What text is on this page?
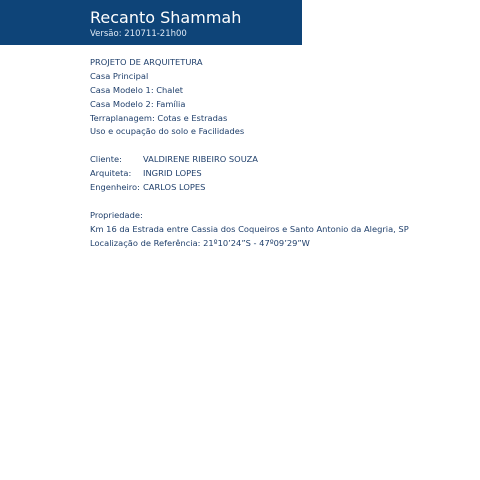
Recanto Shammah
Versão: 210711-21h00
PROJETO DE ARQUITETURA
Casa Principal
Casa Modelo 1: Chalet
Casa Modelo 2: Família
Terraplanagem: Cotas e Estradas
Uso e ocupação do solo e Facilidades
Cliente:	VALDIRENE RIBEIRO SOUZA
Arquiteta: INGRID LOPES
Engenheiro: CARLOS LOPES
Propriedade:
Km 16 da Estrada entre Cassia dos Coqueiros e Santo Antonio da Alegria, SP
Localização de Referência: 21º10’24”S - 47º09’29”W
